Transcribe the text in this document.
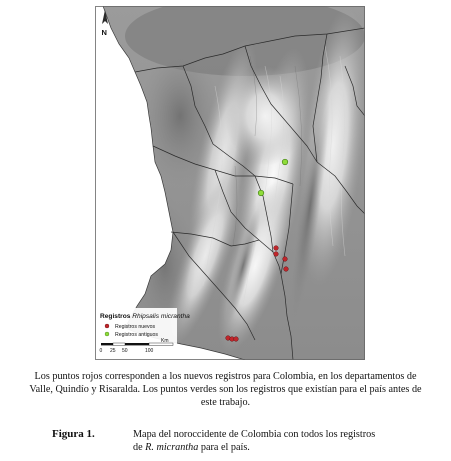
N
Registros Rhipsalis micrantha
Registros nuevos
Registros antiguos
Km
0 25 50	100
Los puntos rojos corresponden a los nuevos registros para Colombia, en los departamentos de
Valle, Quindío y Risaralda. Los puntos verdes son los registros que existían para el país antes de
este trabajo.
Figura 1.	Mapa del noroccidente de Colombia con todos los registros
de R. micrantha para el país.
